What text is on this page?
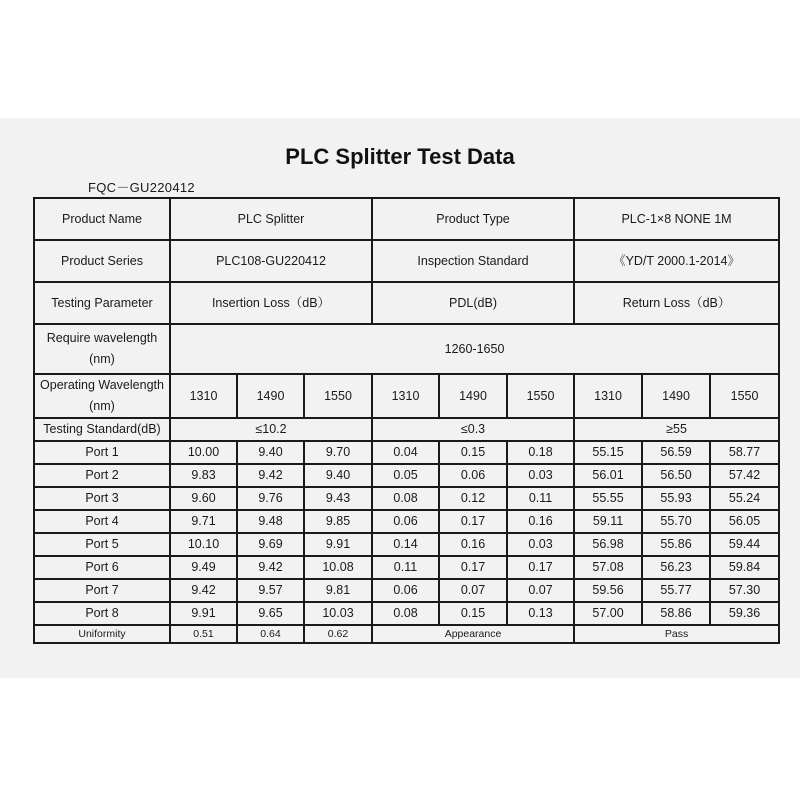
PLC Splitter Test Data
FQC－GU220412
Product Name	PLC Splitter			Product Type			PLC-1×8 NONE 1M		
Product Series	PLC108-GU220412			Inspection Standard			《YD/T 2000.1-2014》		
Testing Parameter	Insertion Loss（dB）			PDL(dB)			Return Loss（dB）		
Require wavelength (nm)	1260-1650								
Operating Wavelength (nm)	1310	1490	1550	1310	1490	1550	1310	1490	1550
Testing Standard(dB)	≤10.2			≤0.3			≥55		
Port 1	10.00	9.40	9.70	0.04	0.15	0.18	55.15	56.59	58.77
Port 2	9.83	9.42	9.40	0.05	0.06	0.03	56.01	56.50	57.42
Port 3	9.60	9.76	9.43	0.08	0.12	0.11	55.55	55.93	55.24
Port 4	9.71	9.48	9.85	0.06	0.17	0.16	59.11	55.70	56.05
Port 5	10.10	9.69	9.91	0.14	0.16	0.03	56.98	55.86	59.44
Port 6	9.49	9.42	10.08	0.11	0.17	0.17	57.08	56.23	59.84
Port 7	9.42	9.57	9.81	0.06	0.07	0.07	59.56	55.77	57.30
Port 8	9.91	9.65	10.03	0.08	0.15	0.13	57.00	58.86	59.36
Uniformity	0.51	0.64	0.62	Appearance			Pass		
